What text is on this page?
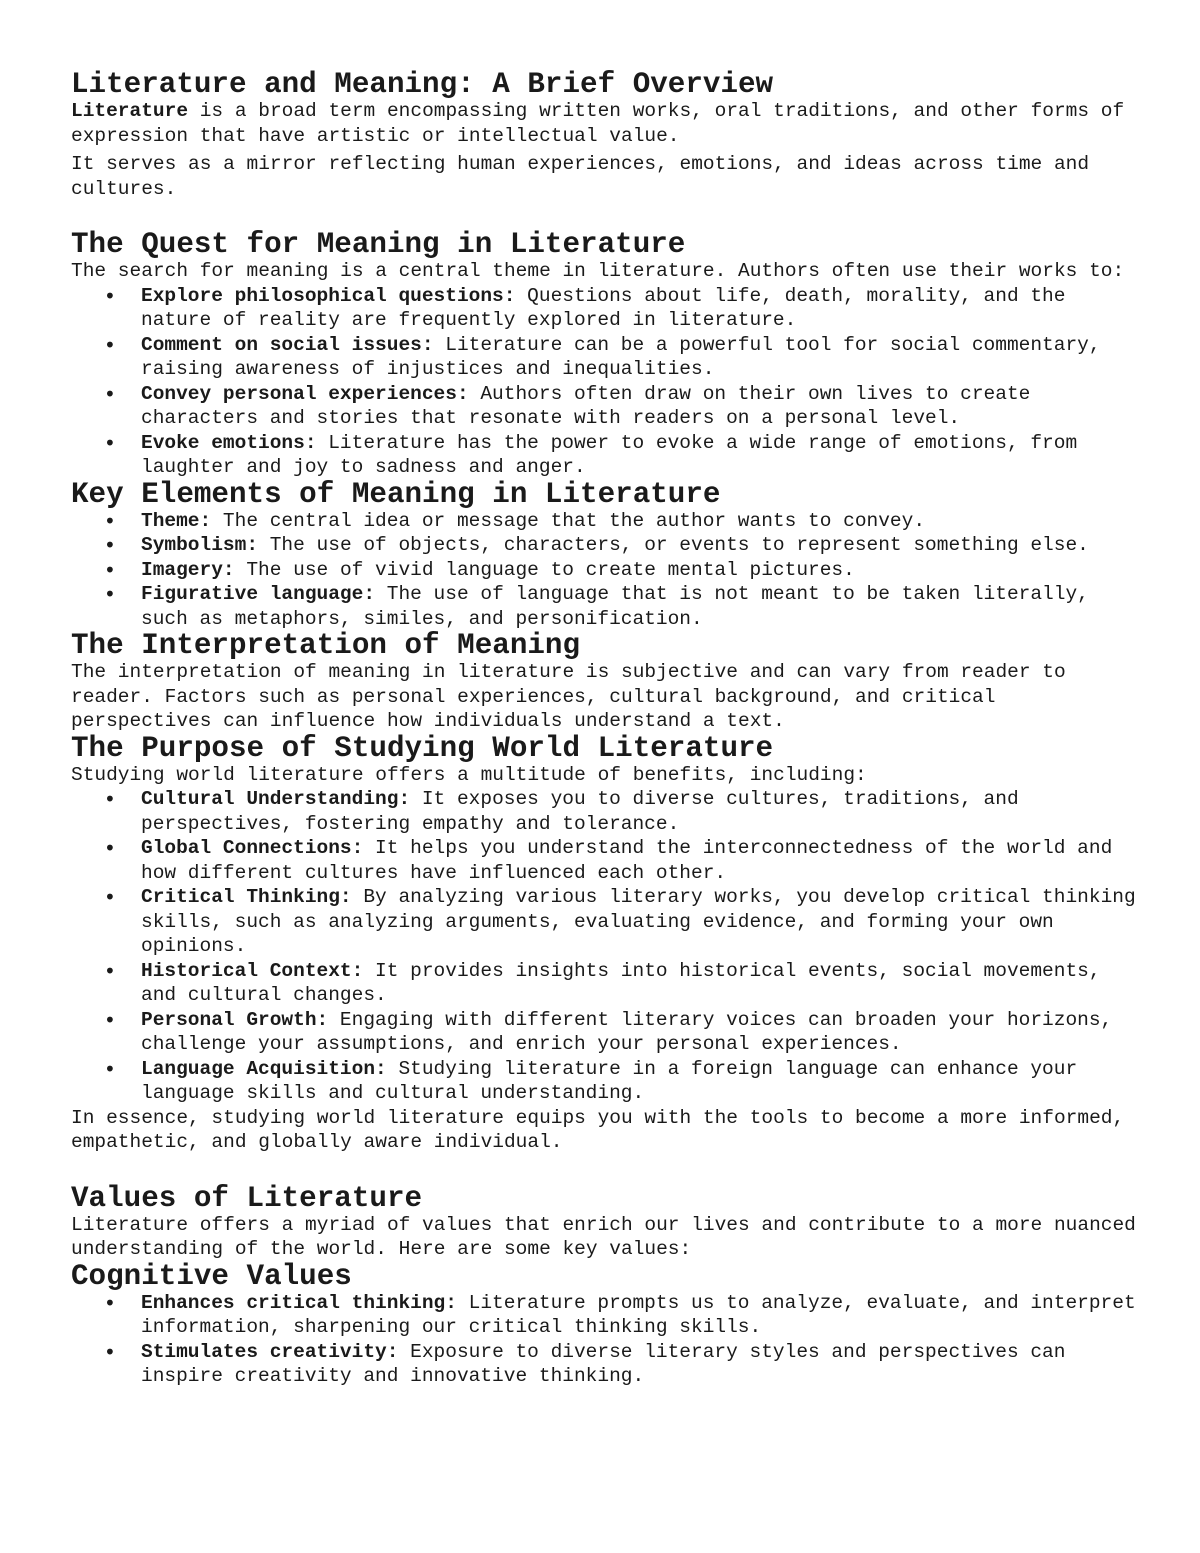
Literature and Meaning: A Brief Overview

Literature is a broad term encompassing written works, oral traditions, and other forms of expression that have artistic or intellectual value.

It serves as a mirror reflecting human experiences, emotions, and ideas across time and cultures.

The Quest for Meaning in Literature

The search for meaning is a central theme in literature. Authors often use their works to:

• Explore philosophical questions: Questions about life, death, morality, and the nature of reality are frequently explored in literature.
• Comment on social issues: Literature can be a powerful tool for social commentary, raising awareness of injustices and inequalities.
• Convey personal experiences: Authors often draw on their own lives to create characters and stories that resonate with readers on a personal level.
• Evoke emotions: Literature has the power to evoke a wide range of emotions, from laughter and joy to sadness and anger.
Key Elements of Meaning in Literature
• Theme: The central idea or message that the author wants to convey.
• Symbolism: The use of objects, characters, or events to represent something else.
• Imagery: The use of vivid language to create mental pictures.
• Figurative language: The use of language that is not meant to be taken literally, such as metaphors, similes, and personification.
The Interpretation of Meaning

The interpretation of meaning in literature is subjective and can vary from reader to reader. Factors such as personal experiences, cultural background, and critical perspectives can influence how individuals understand a text.

The Purpose of Studying World Literature

Studying world literature offers a multitude of benefits, including:

• Cultural Understanding: It exposes you to diverse cultures, traditions, and perspectives, fostering empathy and tolerance.
• Global Connections: It helps you understand the interconnectedness of the world and how different cultures have influenced each other.
• Critical Thinking: By analyzing various literary works, you develop critical thinking skills, such as analyzing arguments, evaluating evidence, and forming your own opinions.
• Historical Context: It provides insights into historical events, social movements, and cultural changes.
• Personal Growth: Engaging with different literary voices can broaden your horizons, challenge your assumptions, and enrich your personal experiences.
• Language Acquisition: Studying literature in a foreign language can enhance your language skills and cultural understanding.

In essence, studying world literature equips you with the tools to become a more informed, empathetic, and globally aware individual.

Values of Literature

Literature offers a myriad of values that enrich our lives and contribute to a more nuanced understanding of the world. Here are some key values:

Cognitive Values
• Enhances critical thinking: Literature prompts us to analyze, evaluate, and interpret information, sharpening our critical thinking skills.
• Stimulates creativity: Exposure to diverse literary styles and perspectives can inspire creativity and innovative thinking.
